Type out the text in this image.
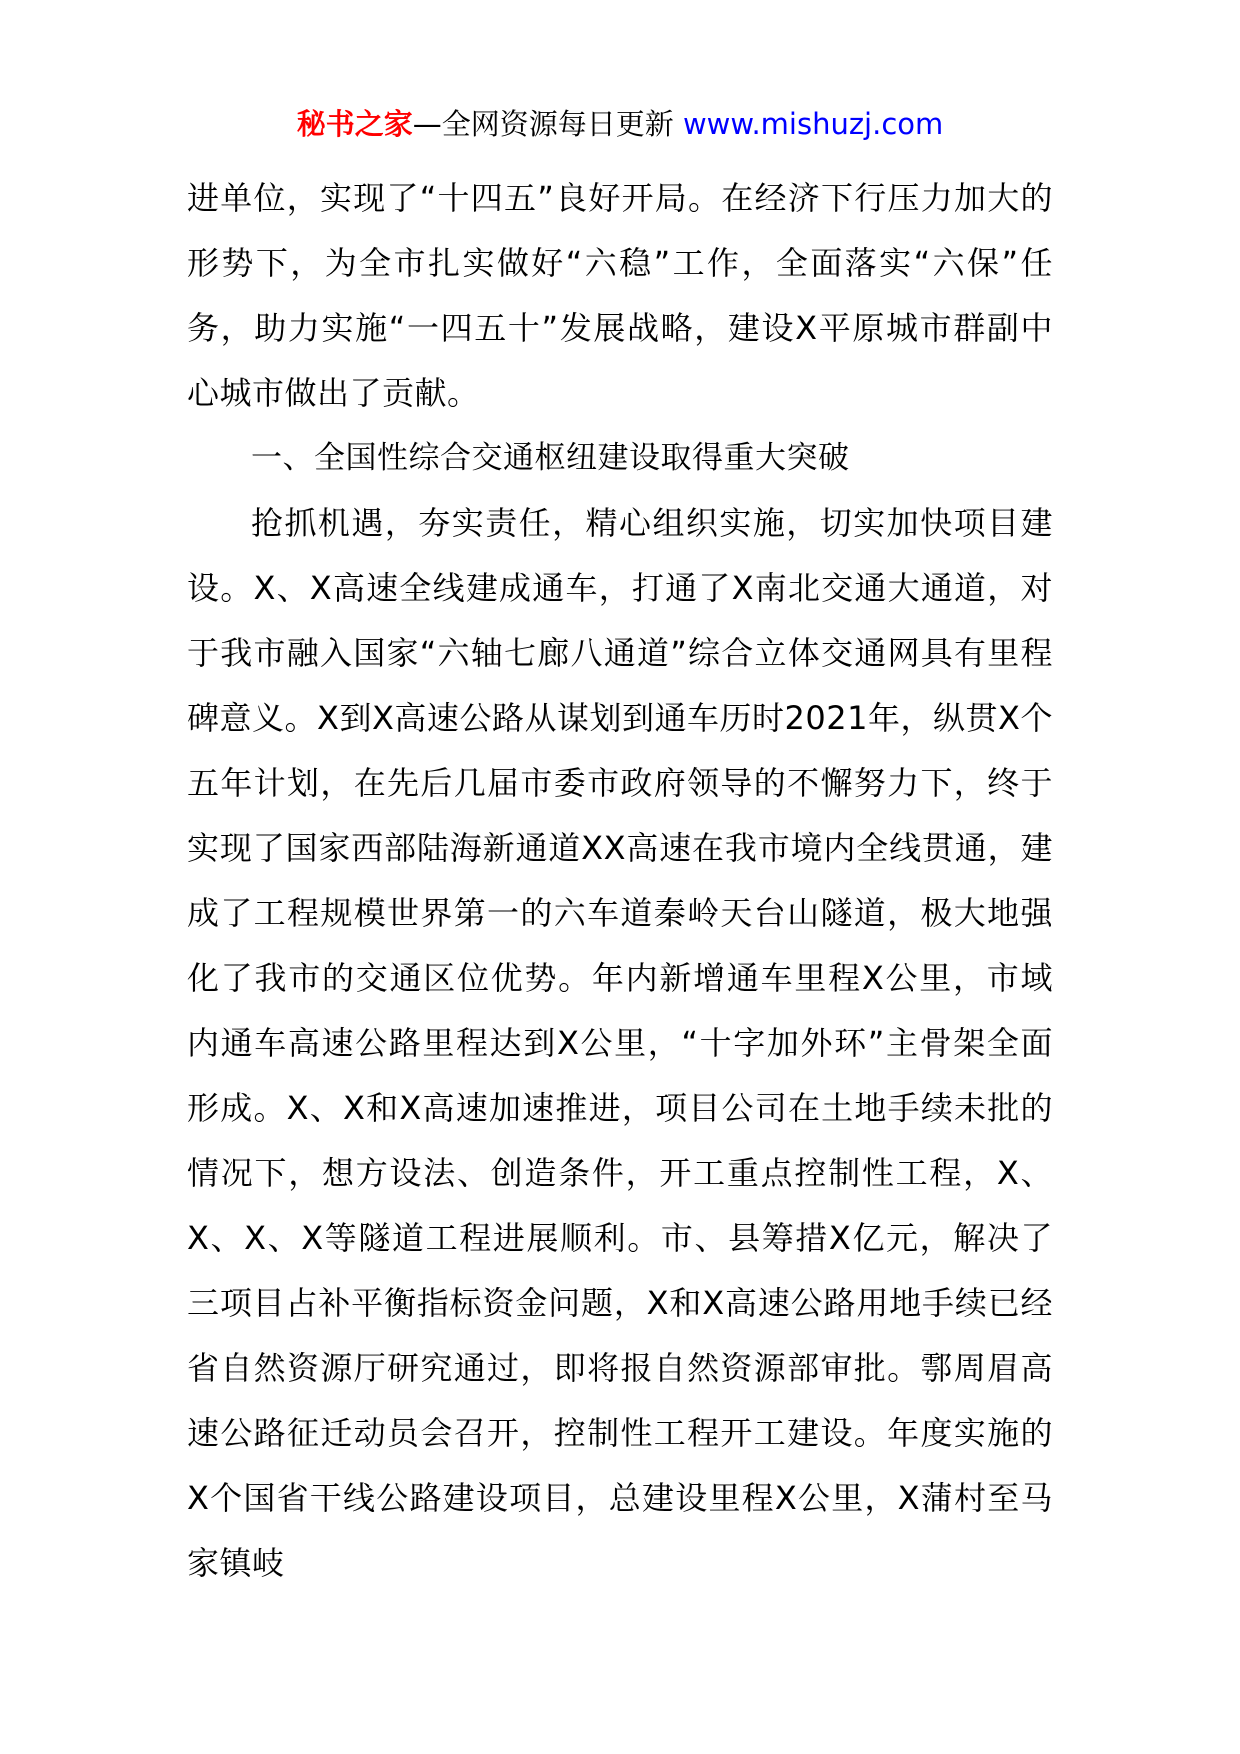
秘书之家—全网资源每日更新 www.mishuzj.com

进单位，实现了“十四五”良好开局。在经济下行压力加大的形势下，为全市扎实做好“六稳”工作，全面落实“六保”任务，助力实施“一四五十”发展战略，建设X平原城市群副中心城市做出了贡献。

一、全国性综合交通枢纽建设取得重大突破

抢抓机遇，夯实责任，精心组织实施，切实加快项目建设。X、X高速全线建成通车，打通了X南北交通大通道，对于我市融入国家“六轴七廊八通道”综合立体交通网具有里程碑意义。X到X高速公路从谋划到通车历时2021年，纵贯X个五年计划，在先后几届市委市政府领导的不懈努力下，终于实现了国家西部陆海新通道XX高速在我市境内全线贯通，建成了工程规模世界第一的六车道秦岭天台山隧道，极大地强化了我市的交通区位优势。年内新增通车里程X公里，市域内通车高速公路里程达到X公里，“十字加外环”主骨架全面形成。X、X和X高速加速推进，项目公司在土地手续未批的情况下，想方设法、创造条件，开工重点控制性工程，X、X、X、X等隧道工程进展顺利。市、县筹措X亿元，解决了三项目占补平衡指标资金问题，X和X高速公路用地手续已经省自然资源厅研究通过，即将报自然资源部审批。鄠周眉高速公路征迁动员会召开，控制性工程开工建设。年度实施的X个国省干线公路建设项目，总建设里程X公里，X蒲村至马家镇岐
